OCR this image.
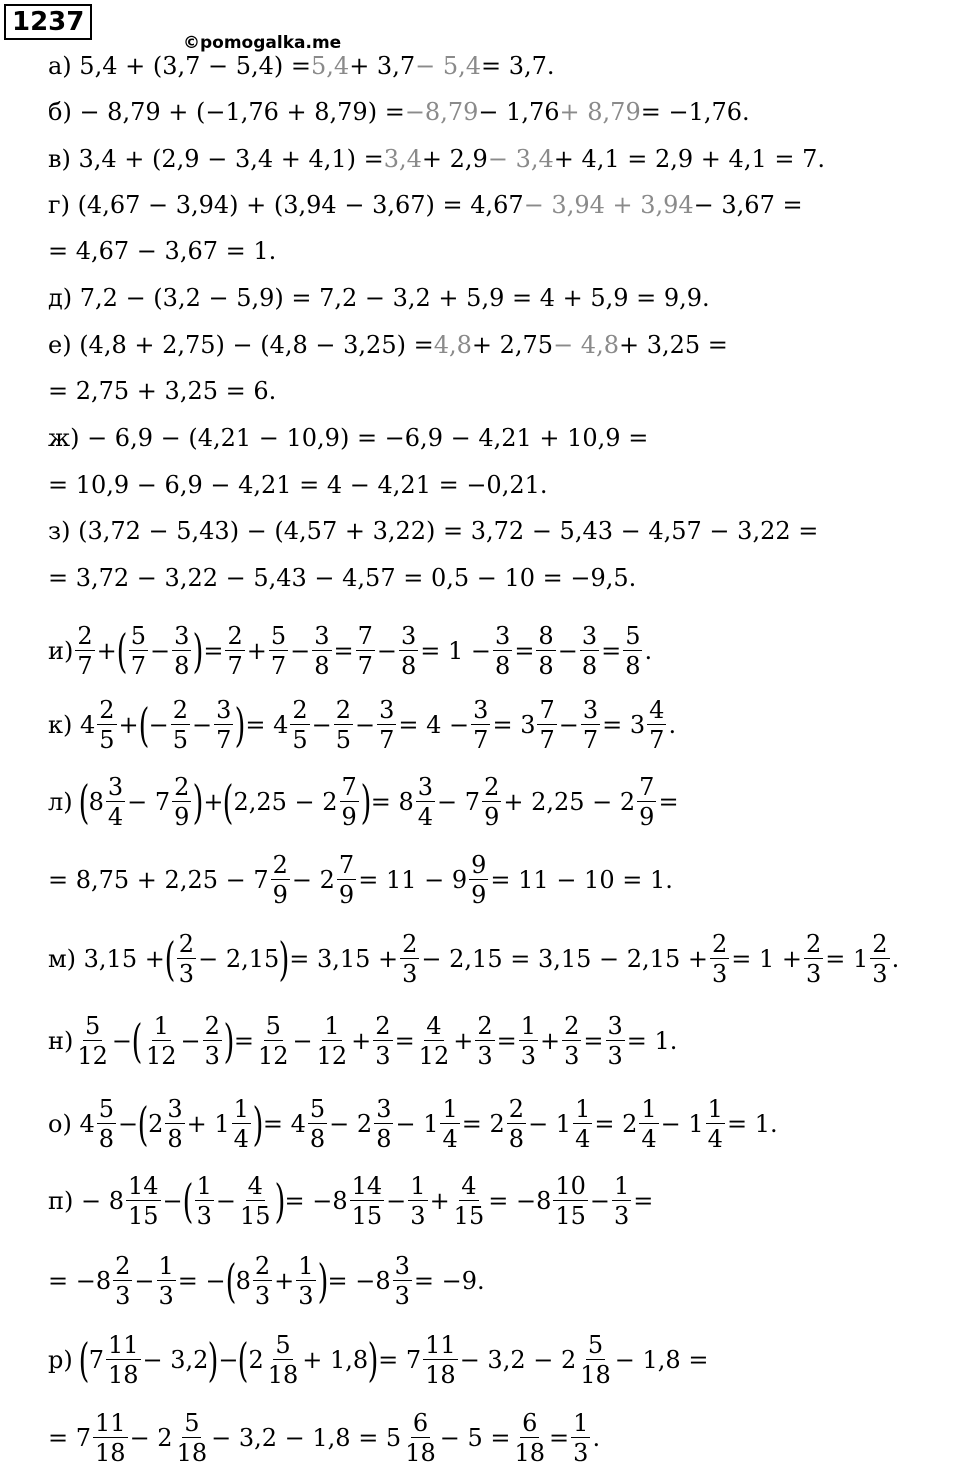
1237
©pomogalka.me
а) 5,4 + (3,7 − 5,4) = 5,4 + 3,7 − 5,4 = 3,7.
б) − 8,79 + (−1,76 + 8,79) = −8,79 − 1,76 + 8,79 = −1,76.
в) 3,4 + (2,9 − 3,4 + 4,1) = 3,4 + 2,9 − 3,4 + 4,1 = 2,9 + 4,1 = 7.
г) (4,67 − 3,94) + (3,94 − 3,67) = 4,67 − 3,94 + 3,94 − 3,67 =
= 4,67 − 3,67 = 1.
д) 7,2 − (3,2 − 5,9) = 7,2 − 3,2 + 5,9 = 4 + 5,9 = 9,9.
е) (4,8 + 2,75) − (4,8 − 3,25) = 4,8 + 2,75 − 4,8 + 3,25 =
= 2,75 + 3,25 = 6.
ж) − 6,9 − (4,21 − 10,9) = −6,9 − 4,21 + 10,9 =
= 10,9 − 6,9 − 4,21 = 4 − 4,21 = −0,21.
з) (3,72 − 5,43) − (4,57 + 3,22) = 3,72 − 5,43 − 4,57 − 3,22 =
= 3,72 − 3,22 − 5,43 − 4,57 = 0,5 − 10 = −9,5.
$и) \frac{2}{7}$ + ( $\frac{5}{7} - \frac{3}{8}$ ) = $\frac{2}{7} + \frac{5}{7} - \frac{3}{8} = \frac{7}{7} - \frac{3}{8} = 1 - \frac{3}{8} = \frac{8}{8} - \frac{3}{8} = \frac{5}{8}$ .
к) $4 \frac{2}{5}$ + ( − $\frac{2}{5} - \frac{3}{7}$ ) = $4 \frac{2}{5} - \frac{2}{5} - \frac{3}{7} = 4 - \frac{3}{7} = 3 \frac{7}{7} - \frac{3}{7} = 3 \frac{4}{7}$ .
л) ( $8 \frac{3}{4} - 7 \frac{2}{9}$ ) + ( $2,25 - 2 \frac{7}{9}$ ) = $8 \frac{3}{4} - 7 \frac{2}{9} + 2,25 - 2 \frac{7}{9}$ =
= $8,75 + 2,25 - 7 \frac{2}{9} - 2 \frac{7}{9} = 11 - 9 \frac{9}{9} = 11 - 10 = 1$.
м) 3,15 + ( $\frac{2}{3} - 2,15$ ) = $3,15 + \frac{2}{3} - 2,15 = 3,15 - 2,15 + \frac{2}{3} = 1 + \frac{2}{3} = 1 \frac{2}{3}$ .
$н) \frac{5}{12}$ − ( $\frac{1}{12} - \frac{2}{3}$ ) = $\frac{5}{12} - \frac{1}{12} + \frac{2}{3} = \frac{4}{12} + \frac{2}{3} = \frac{1}{3} + \frac{2}{3} = \frac{3}{3} = 1$.
о) $4 \frac{5}{8}$ − ( $2 \frac{3}{8} + 1 \frac{1}{4}$ ) = $4 \frac{5}{8} - 2 \frac{3}{8} - 1 \frac{1}{4} = 2 \frac{2}{8} - 1 \frac{1}{4} = 2 \frac{1}{4} - 1 \frac{1}{4} = 1$.
$п) - 8 \frac{14}{15}$ − ( $\frac{1}{3} - \frac{4}{15}$ ) = $-8 \frac{14}{15} - \frac{1}{3} + \frac{4}{15} = -8 \frac{10}{15} - \frac{1}{3}$ =
= $-8 \frac{2}{3} - \frac{1}{3}$ = − ( $8 \frac{2}{3} + \frac{1}{3}$ ) = $-8 \frac{3}{3} = -9$.
р) ( $7 \frac{11}{18} - 3,2$ ) − ( $2 \frac{5}{18} + 1,8$ ) = $7 \frac{11}{18} - 3,2 - 2 \frac{5}{18} - 1,8$ =
= $7 \frac{11}{18} - 2 \frac{5}{18} - 3,2 - 1,8 = 5 \frac{6}{18} - 5 = \frac{6}{18} = \frac{1}{3}$ .
